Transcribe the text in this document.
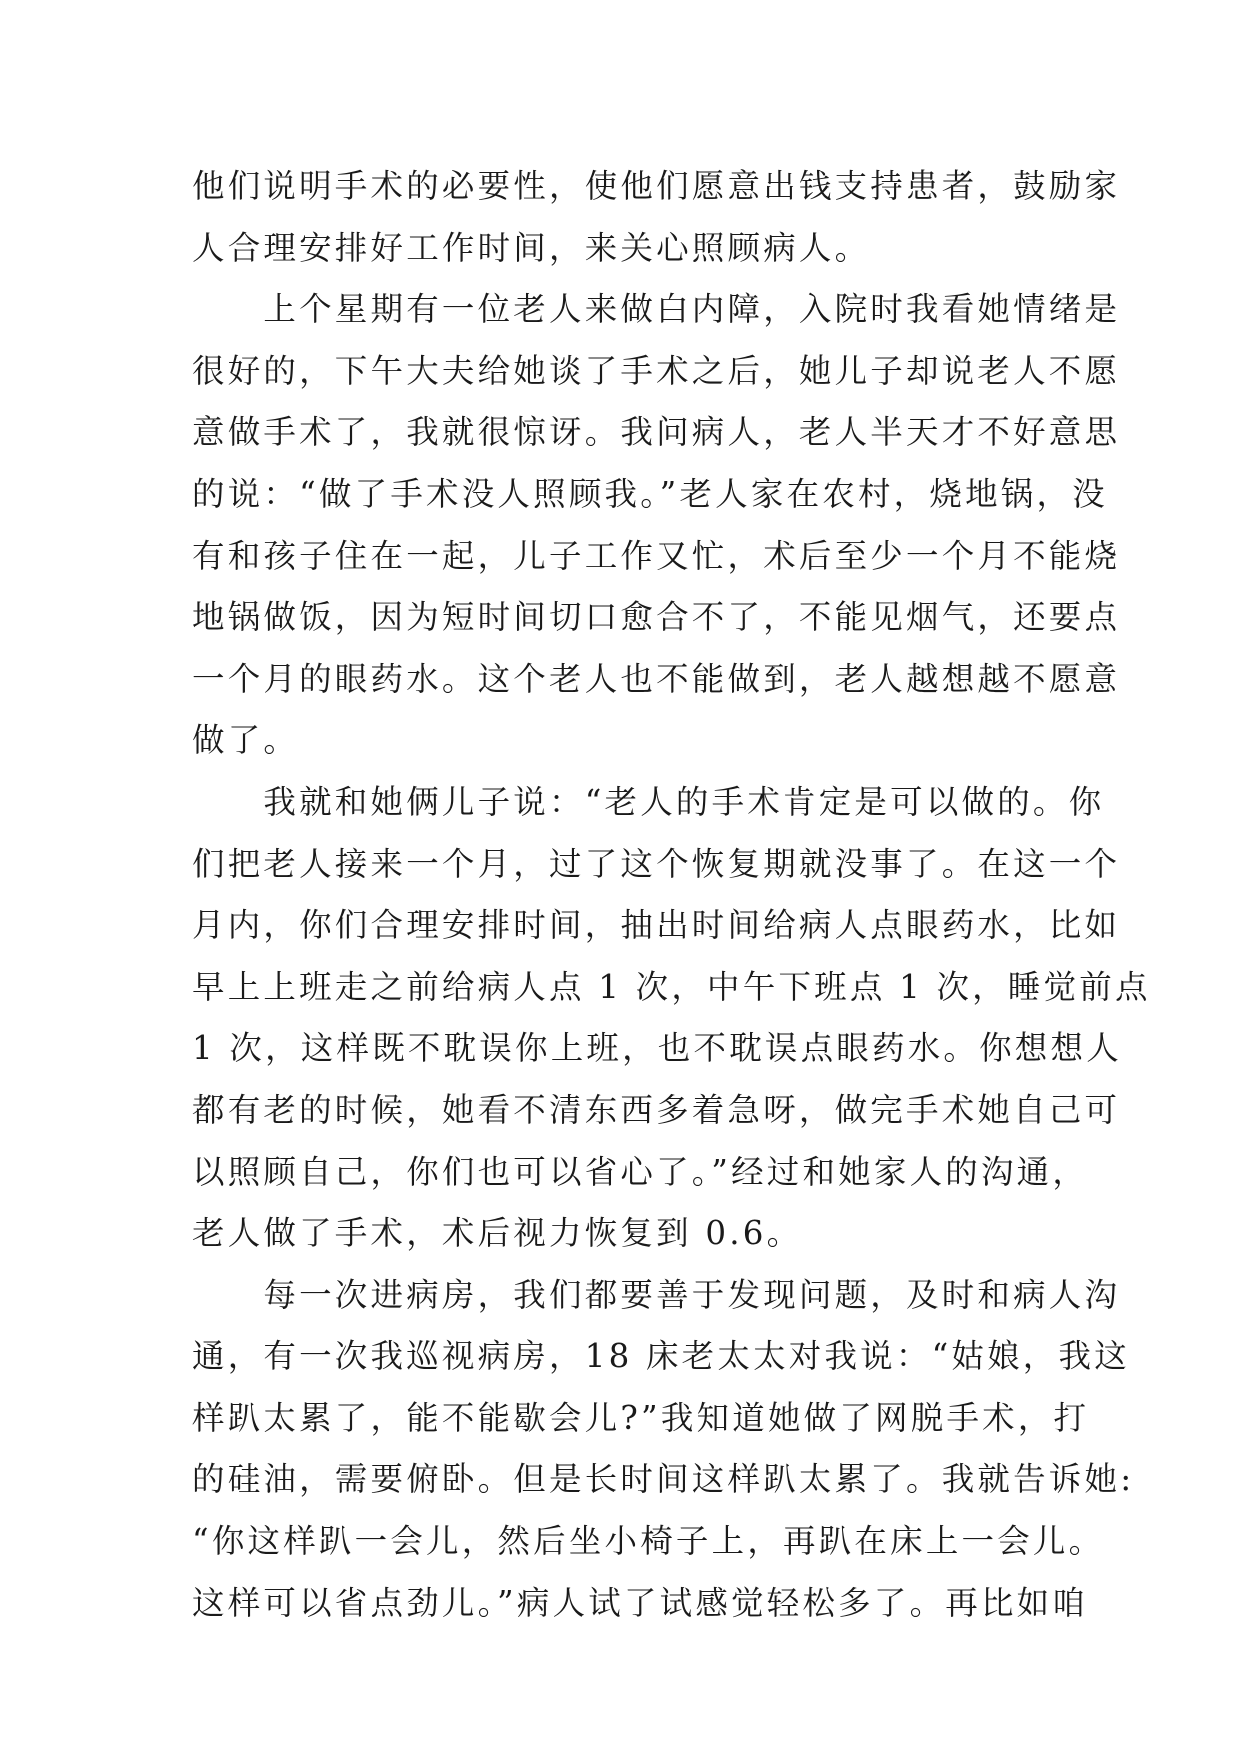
他们说明手术的必要性，使他们愿意出钱支持患者，鼓励家
人合理安排好工作时间，来关心照顾病人。
　　上个星期有一位老人来做白内障，入院时我看她情绪是
很好的，下午大夫给她谈了手术之后，她儿子却说老人不愿
意做手术了，我就很惊讶。我问病人，老人半天才不好意思
的说：“做了手术没人照顾我。”老人家在农村，烧地锅，没
有和孩子住在一起，儿子工作又忙，术后至少一个月不能烧
地锅做饭，因为短时间切口愈合不了，不能见烟气，还要点
一个月的眼药水。这个老人也不能做到，老人越想越不愿意
做了。
　　我就和她俩儿子说：“老人的手术肯定是可以做的。你
们把老人接来一个月，过了这个恢复期就没事了。在这一个
月内，你们合理安排时间，抽出时间给病人点眼药水，比如
早上上班走之前给病人点 1 次，中午下班点 1 次，睡觉前点
1 次，这样既不耽误你上班，也不耽误点眼药水。你想想人
都有老的时候，她看不清东西多着急呀，做完手术她自己可
以照顾自己，你们也可以省心了。”经过和她家人的沟通，
老人做了手术，术后视力恢复到 0.6。
　　每一次进病房，我们都要善于发现问题，及时和病人沟
通，有一次我巡视病房，18 床老太太对我说：“姑娘，我这
样趴太累了，能不能歇会儿?”我知道她做了网脱手术，打
的硅油，需要俯卧。但是长时间这样趴太累了。我就告诉她:
“你这样趴一会儿，然后坐小椅子上，再趴在床上一会儿。
这样可以省点劲儿。”病人试了试感觉轻松多了。再比如咱
